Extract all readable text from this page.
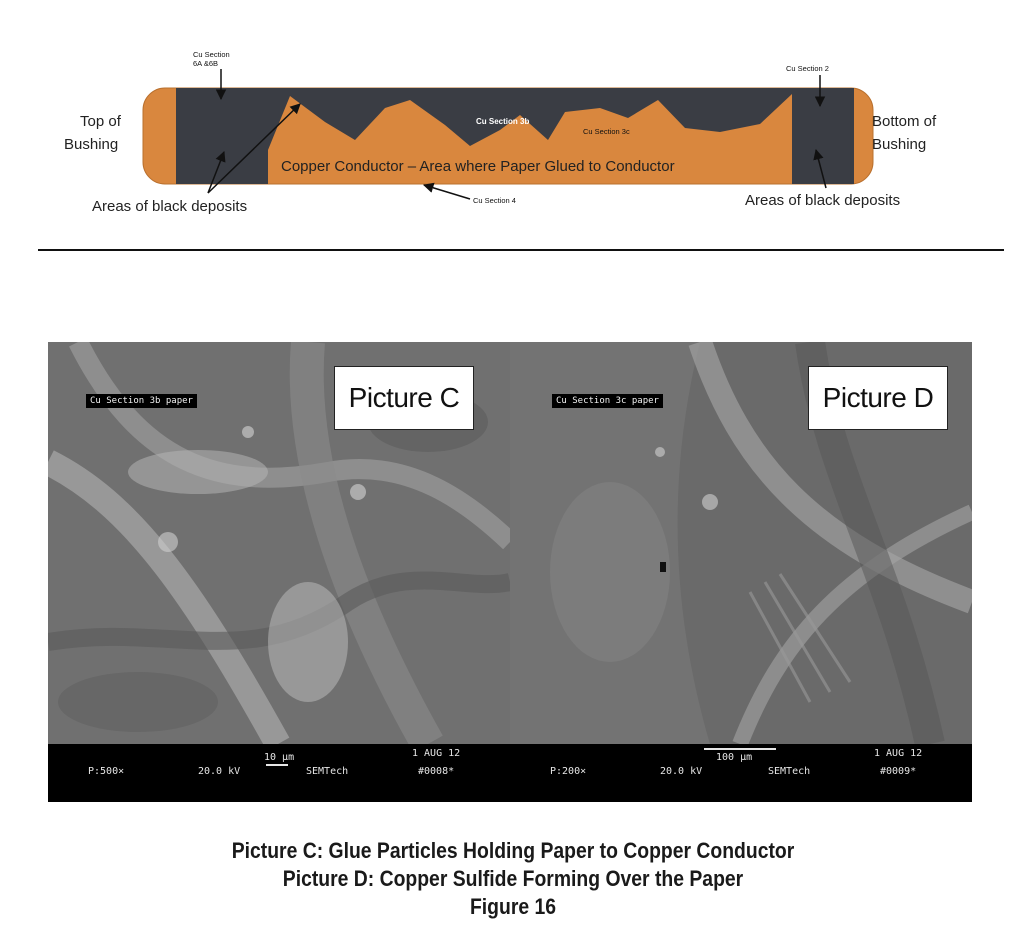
Cu Section
6A &6B
Cu Section 2
Top of
Bushing
Bottom of
Bushing
Cu Section 3b
Cu Section 3c
Copper Conductor – Area where Paper Glued to Conductor
Areas of black deposits	Areas of black deposits
Cu Section 4
Cu Section 3b paper	Picture C	Cu Section 3c paper	Picture D
P:500×	20.0 kV
10 µm
SEMTech
1 AUG 12
#0008*	P:200×	20.0 kV
100 µm
SEMTech
1 AUG 12
#0009*
Picture C: Glue Particles Holding Paper to Copper Conductor
Picture D: Copper Sulfide Forming Over the Paper
Figure 16
